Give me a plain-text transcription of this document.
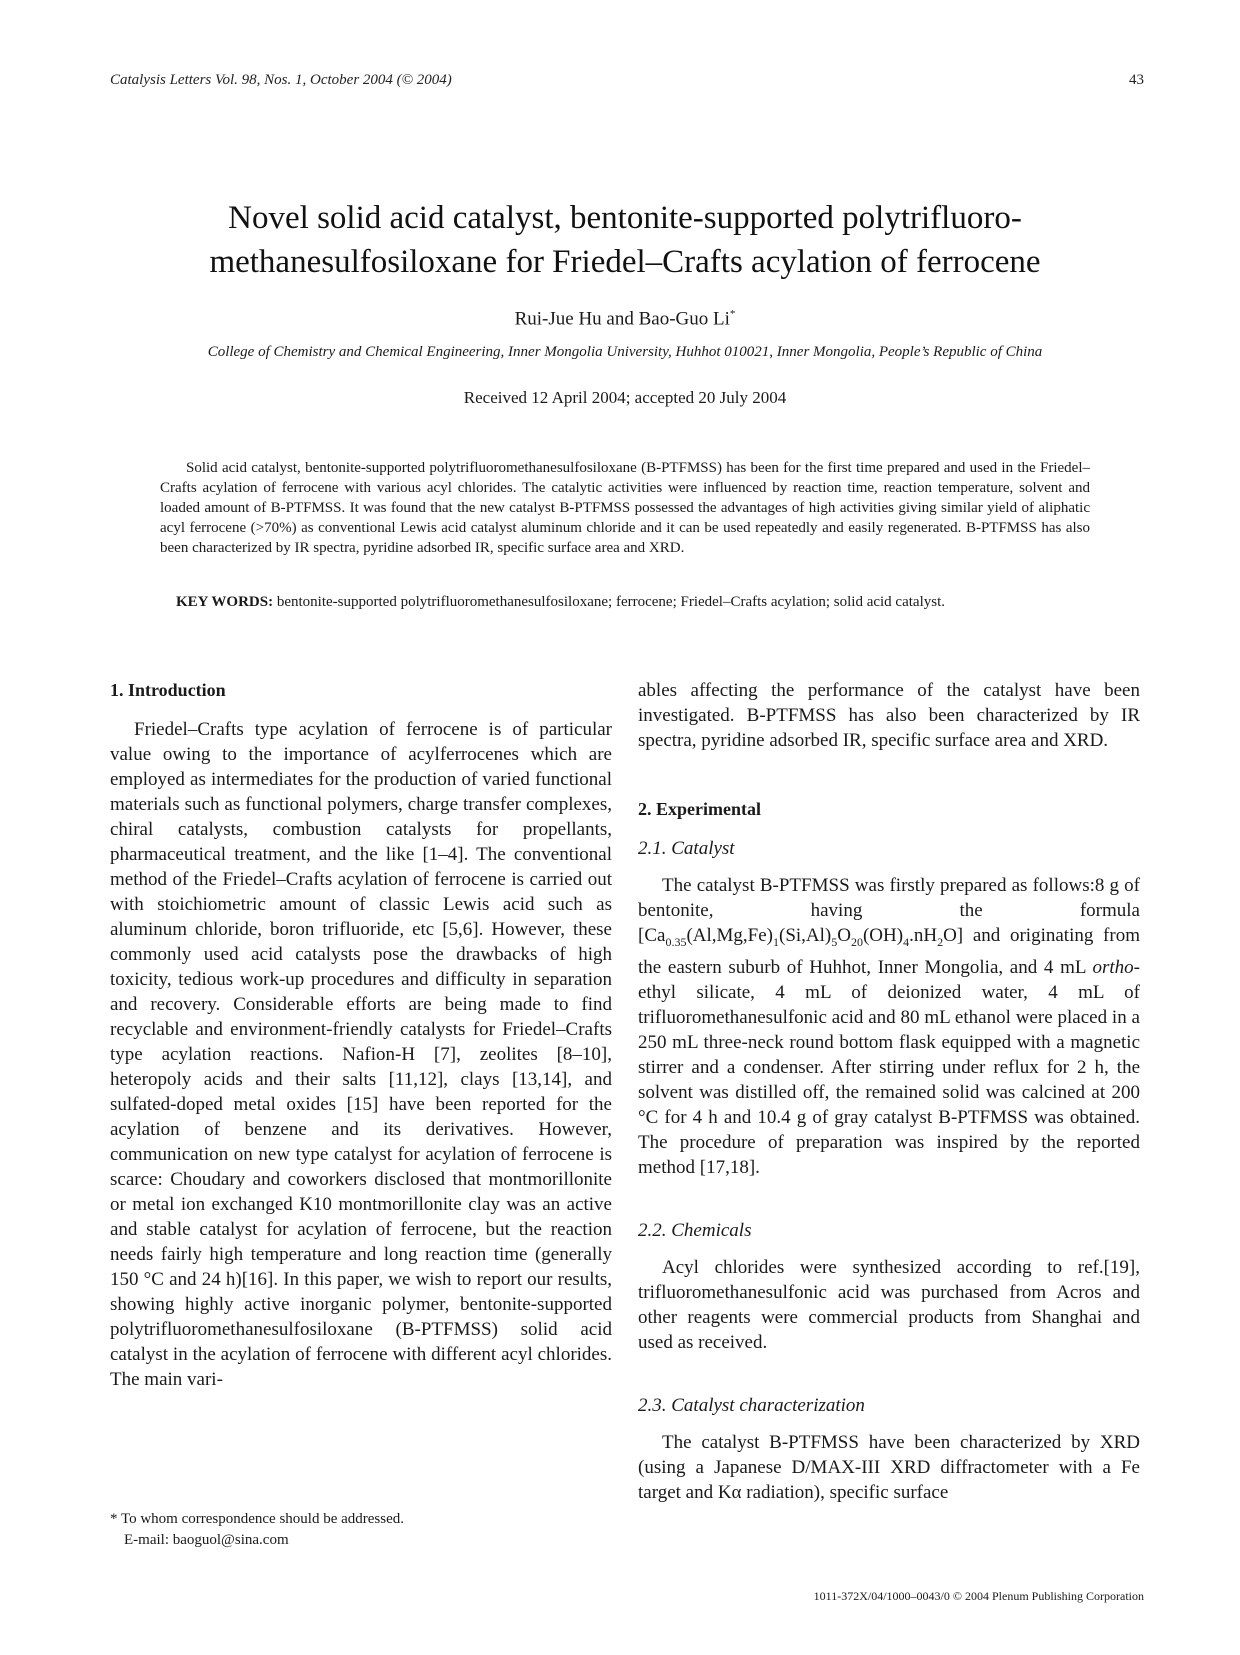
Catalysis Letters Vol. 98, Nos. 1, October 2004 (© 2004)	43
Novel solid acid catalyst, bentonite-supported polytrifluoro-
methanesulfosiloxane for Friedel–Crafts acylation of ferrocene
Rui-Jue Hu and Bao-Guo Li*
College of Chemistry and Chemical Engineering, Inner Mongolia University, Huhhot 010021, Inner Mongolia, People’s Republic of China
Received 12 April 2004; accepted 20 July 2004
Solid acid catalyst, bentonite-supported polytrifluoromethanesulfosiloxane (B-PTFMSS) has been for the first time prepared and used in the Friedel–Crafts acylation of ferrocene with various acyl chlorides. The catalytic activities were influenced by reaction time, reaction temperature, solvent and loaded amount of B-PTFMSS. It was found that the new catalyst B-PTFMSS possessed the advantages of high activities giving similar yield of aliphatic acyl ferrocene (>70%) as conventional Lewis acid catalyst aluminum chloride and it can be used repeatedly and easily regenerated. B-PTFMSS has also been characterized by IR spectra, pyridine adsorbed IR, specific surface area and XRD.
KEY WORDS: bentonite-supported polytrifluoromethanesulfosiloxane; ferrocene; Friedel–Crafts acylation; solid acid catalyst.
1. Introduction

Friedel–Crafts type acylation of ferrocene is of particular value owing to the importance of acylferrocenes which are employed as intermediates for the production of varied functional materials such as functional polymers, charge transfer complexes, chiral catalysts, combustion catalysts for propellants, pharmaceutical treatment, and the like [1–4]. The conventional method of the Friedel–Crafts acylation of ferrocene is carried out with stoichiometric amount of classic Lewis acid such as aluminum chloride, boron trifluoride, etc [5,6]. However, these commonly used acid catalysts pose the drawbacks of high toxicity, tedious work-up procedures and difficulty in separation and recovery. Considerable efforts are being made to find recyclable and environment-friendly catalysts for Friedel–Crafts type acylation reactions. Nafion-H [7], zeolites [8–10], heteropoly acids and their salts [11,12], clays [13,14], and sulfated-doped metal oxides [15] have been reported for the acylation of benzene and its derivatives. However, communication on new type catalyst for acylation of ferrocene is scarce: Choudary and coworkers disclosed that montmorillonite or metal ion exchanged K10 montmorillonite clay was an active and stable catalyst for acylation of ferrocene, but the reaction needs fairly high temperature and long reaction time (generally 150 °C and 24 h)[16]. In this paper, we wish to report our results, showing highly active inorganic polymer, bentonite-supported polytrifluoromethanesulfosiloxane (B-PTFMSS) solid acid catalyst in the acylation of ferrocene with different acyl chlorides. The main vari-

ables affecting the performance of the catalyst have been investigated. B-PTFMSS has also been characterized by IR spectra, pyridine adsorbed IR, specific surface area and XRD.

2. Experimental
2.1. Catalyst

The catalyst B-PTFMSS was firstly prepared as follows:8 g of bentonite, having the formula $[Ca_{0.35}(Al,Mg,Fe)_1(Si,Al)_5O_{20}(OH)_4.nH_2O]$ and originating from the eastern suburb of Huhhot, Inner Mongolia, and 4 mL ortho-ethyl silicate, 4 mL of deionized water, 4 mL of trifluoromethanesulfonic acid and 80 mL ethanol were placed in a 250 mL three-neck round bottom flask equipped with a magnetic stirrer and a condenser. After stirring under reflux for 2 h, the solvent was distilled off, the remained solid was calcined at 200 °C for 4 h and 10.4 g of gray catalyst B-PTFMSS was obtained. The procedure of preparation was inspired by the reported method [17,18].

2.2. Chemicals

Acyl chlorides were synthesized according to ref.[19], trifluoromethanesulfonic acid was purchased from Acros and other reagents were commercial products from Shanghai and used as received.

2.3. Catalyst characterization

The catalyst B-PTFMSS have been characterized by XRD (using a Japanese D/MAX-III XRD diffractometer with a Fe target and Kα radiation), specific surface

* To whom correspondence should be addressed.
E-mail: baoguol@sina.com
1011-372X/04/1000–0043/0 © 2004 Plenum Publishing Corporation
